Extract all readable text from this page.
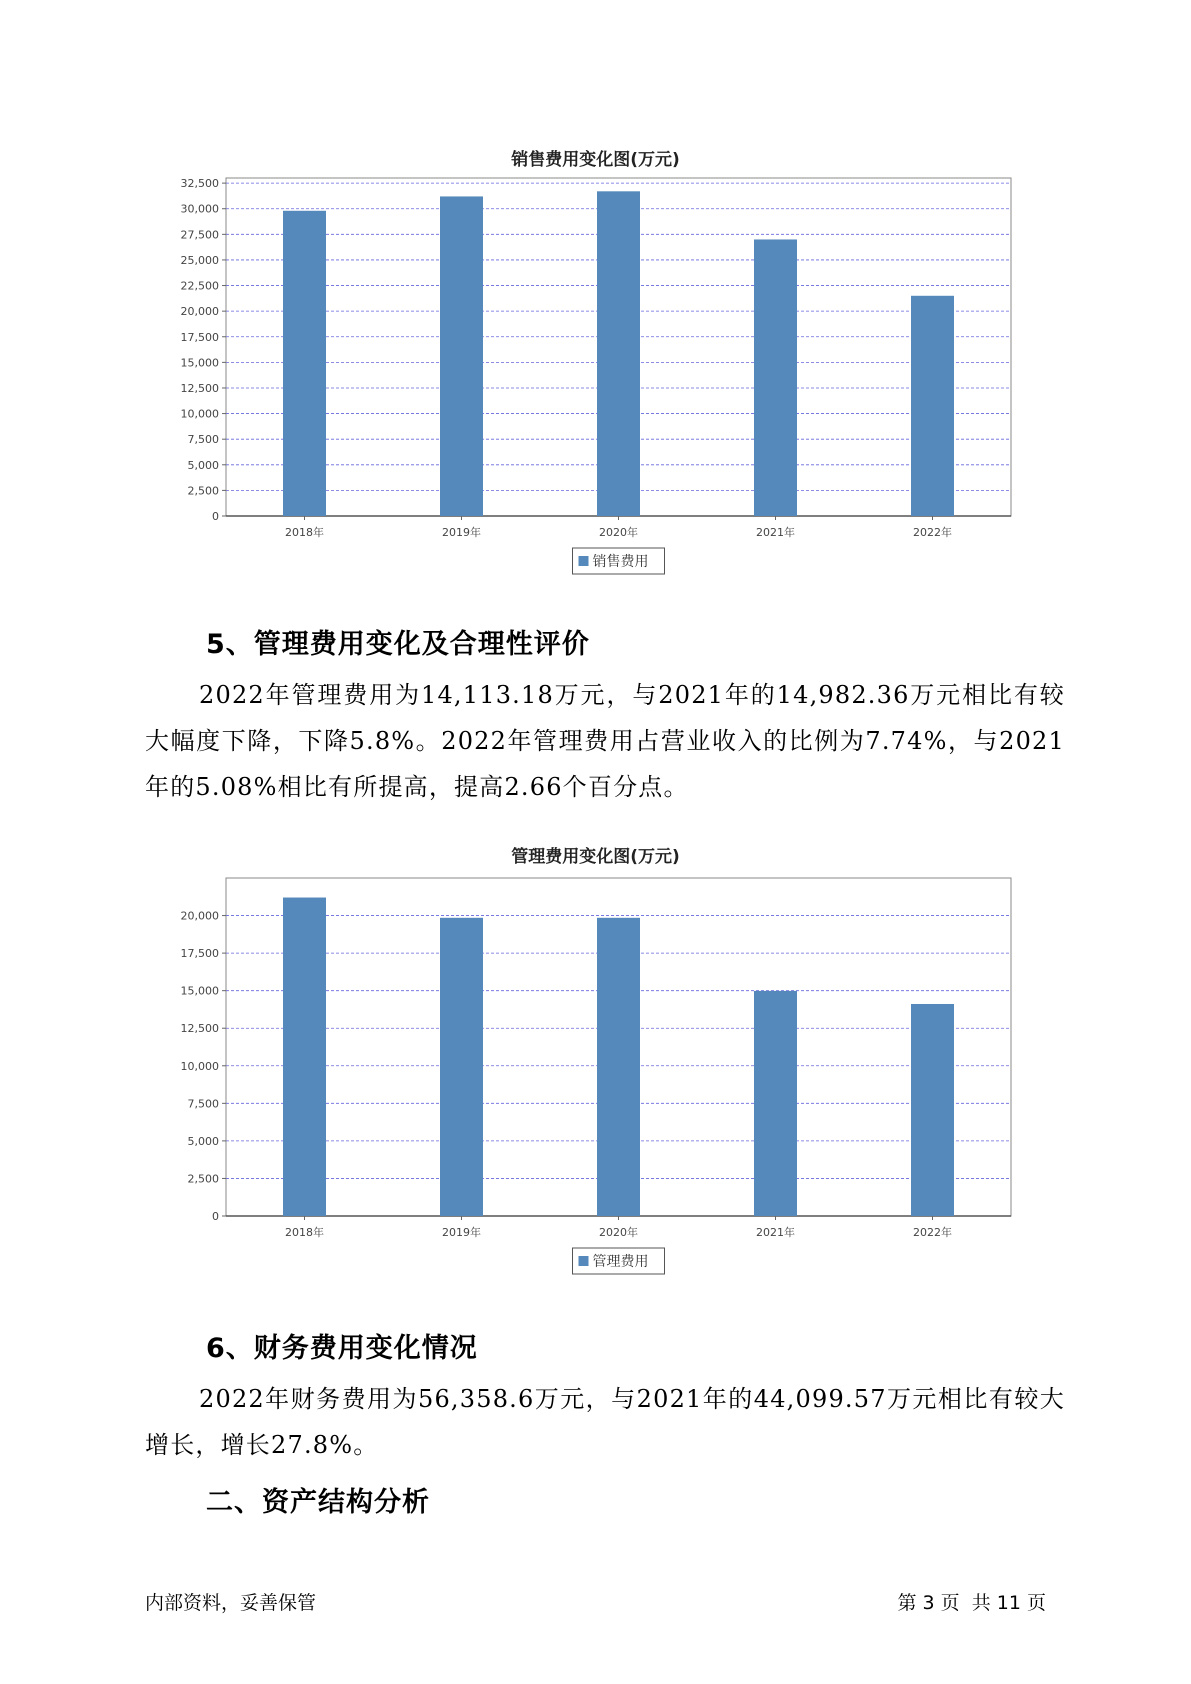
销售费用变化图(万元)
0
2,500
5,000
7,500
10,000
12,500
15,000
17,500
20,000
22,500
25,000
27,500
30,000
32,500
2018年	2019年	2020年	2021年	2022年
销售费用
5、管理费用变化及合理性评价
2022年管理费用为14,113.18万元，与2021年的14,982.36万元相比有较大幅度下降，下降5.8%。2022年管理费用占营业收入的比例为7.74%，与2021年的5.08%相比有所提高，提高2.66个百分点。
管理费用变化图(万元)
0
2,500
5,000
7,500
10,000
12,500
15,000
17,500
20,000
2018年	2019年	2020年	2021年	2022年
管理费用
6、财务费用变化情况
2022年财务费用为56,358.6万元，与2021年的44,099.57万元相比有较大增长，增长27.8%。
二、资产结构分析
内部资料，妥善保管	第 3 页  共 11 页
